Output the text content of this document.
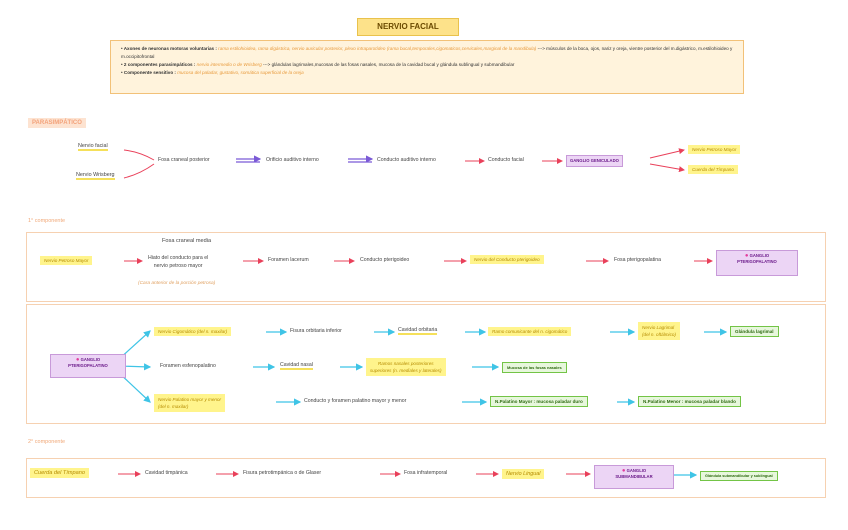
NERVIO FACIAL
• Axones de neuronas motoras voluntarias : rama estilohioidea, rama digástrica, nervio auricular posterior, plexo intraparotídeo (rama bucal,temporales,cigomaticos,cervicales,marginal de la mandibula) ---> músculos de la boca, ojos, nariz y oreja, vientre posterior del m.digástrico, m.estilohioideo y m.occipitofrontal
• 2 componentes parasimpáticos : nervio intermedio o de Wrisberg ---> glándulas lagrimales,mucosas de las fosas nasales, mucosa de la cavidad bucal y glándula sublingual y submandibular
• Componente sensitivo : mucosa del paladar, gustativo, somática superficial de la oreja
PARASIMPÁTICO
Nervio facial
Nervio Wrisberg
Fosa craneal posterior	Orificio auditivo interno	Conducto auditivo interno	Conducto facial	GANGLIO GENICULADO
Nervio Petroso Mayor
Cuerda del Tímpano
1° componente
Nervio Petroso Mayor
Fosa craneal media
Hiato del conducto para el
nervio petroso mayor
(Cara anterior de la porción petrosa)
Foramen lacerum	Conducto pterigoideo	Nervio del Conducto pterigoideo	Fosa pterigopalatina
● GANGLIO
PTERIGOPALATINO
● GANGLIO
PTERIGOPALATINO
Nervio Cigomático (del n. maxilar)	Fisura orbitaria inferior	Cavidad orbitaria	Ramo comunicante del n. cigomático
Nervio Lagrimal
(del n. oftálmico)
Glándula lagrimal
Foramen esfenopalatino	Cavidad nasal	Ramos nasales posteriores
superiores (n. mediales y laterales)
Mucosa de las fosas nasales
Nervio Palatino mayor y menor
(del n. maxilar)
Conducto y foramen palatino mayor y menor	N.Palatino Mayor : mucosa paladar duro	N.Palatino Menor : mucosa paladar blando
2° componente
Cuerda del Tímpano	Cavidad timpánica	Fisura petrotimpánica o de Glaser	Fosa infratemporal	Nervio Lingual	● GANGLIO
SUBMANDIBULAR	Glándula submandibular y sublingual
